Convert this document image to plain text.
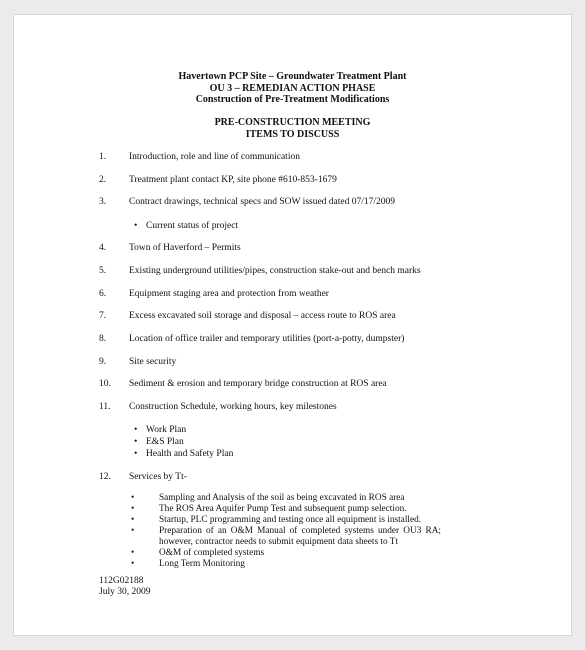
Havertown PCP Site – Groundwater Treatment Plant
OU 3 – REMEDIAN ACTION PHASE
Construction of Pre-Treatment Modifications
PRE-CONSTRUCTION MEETING
ITEMS TO DISCUSS
1. Introduction, role and line of communication
2. Treatment plant contact KP, site phone #610-853-1679
3. Contract drawings, technical specs and SOW issued dated 07/17/2009
• Current status of project
4. Town of Haverford – Permits
5. Existing underground utilities/pipes, construction stake-out and bench marks
6. Equipment staging area and protection from weather
7. Excess excavated soil storage and disposal – access route to ROS area
8. Location of office trailer and temporary utilities (port-a-potty, dumpster)
9. Site security
10. Sediment & erosion and temporary bridge construction at ROS area
11. Construction Schedule, working hours, key milestones
• Work Plan
• E&S Plan
• Health and Safety Plan
12. Services by Tt-
•	Sampling and Analysis of the soil as being excavated in ROS area
•	The ROS Area Aquifer Pump Test and subsequent pump selection.
•	Startup, PLC programming and testing once all equipment is installed.
•	Preparation of an O&M Manual of completed systems under OU3 RA; however, contractor needs to submit equipment data sheets to Tt
•	O&M of completed systems
•	Long Term Monitoring
112G02188
July 30, 2009
